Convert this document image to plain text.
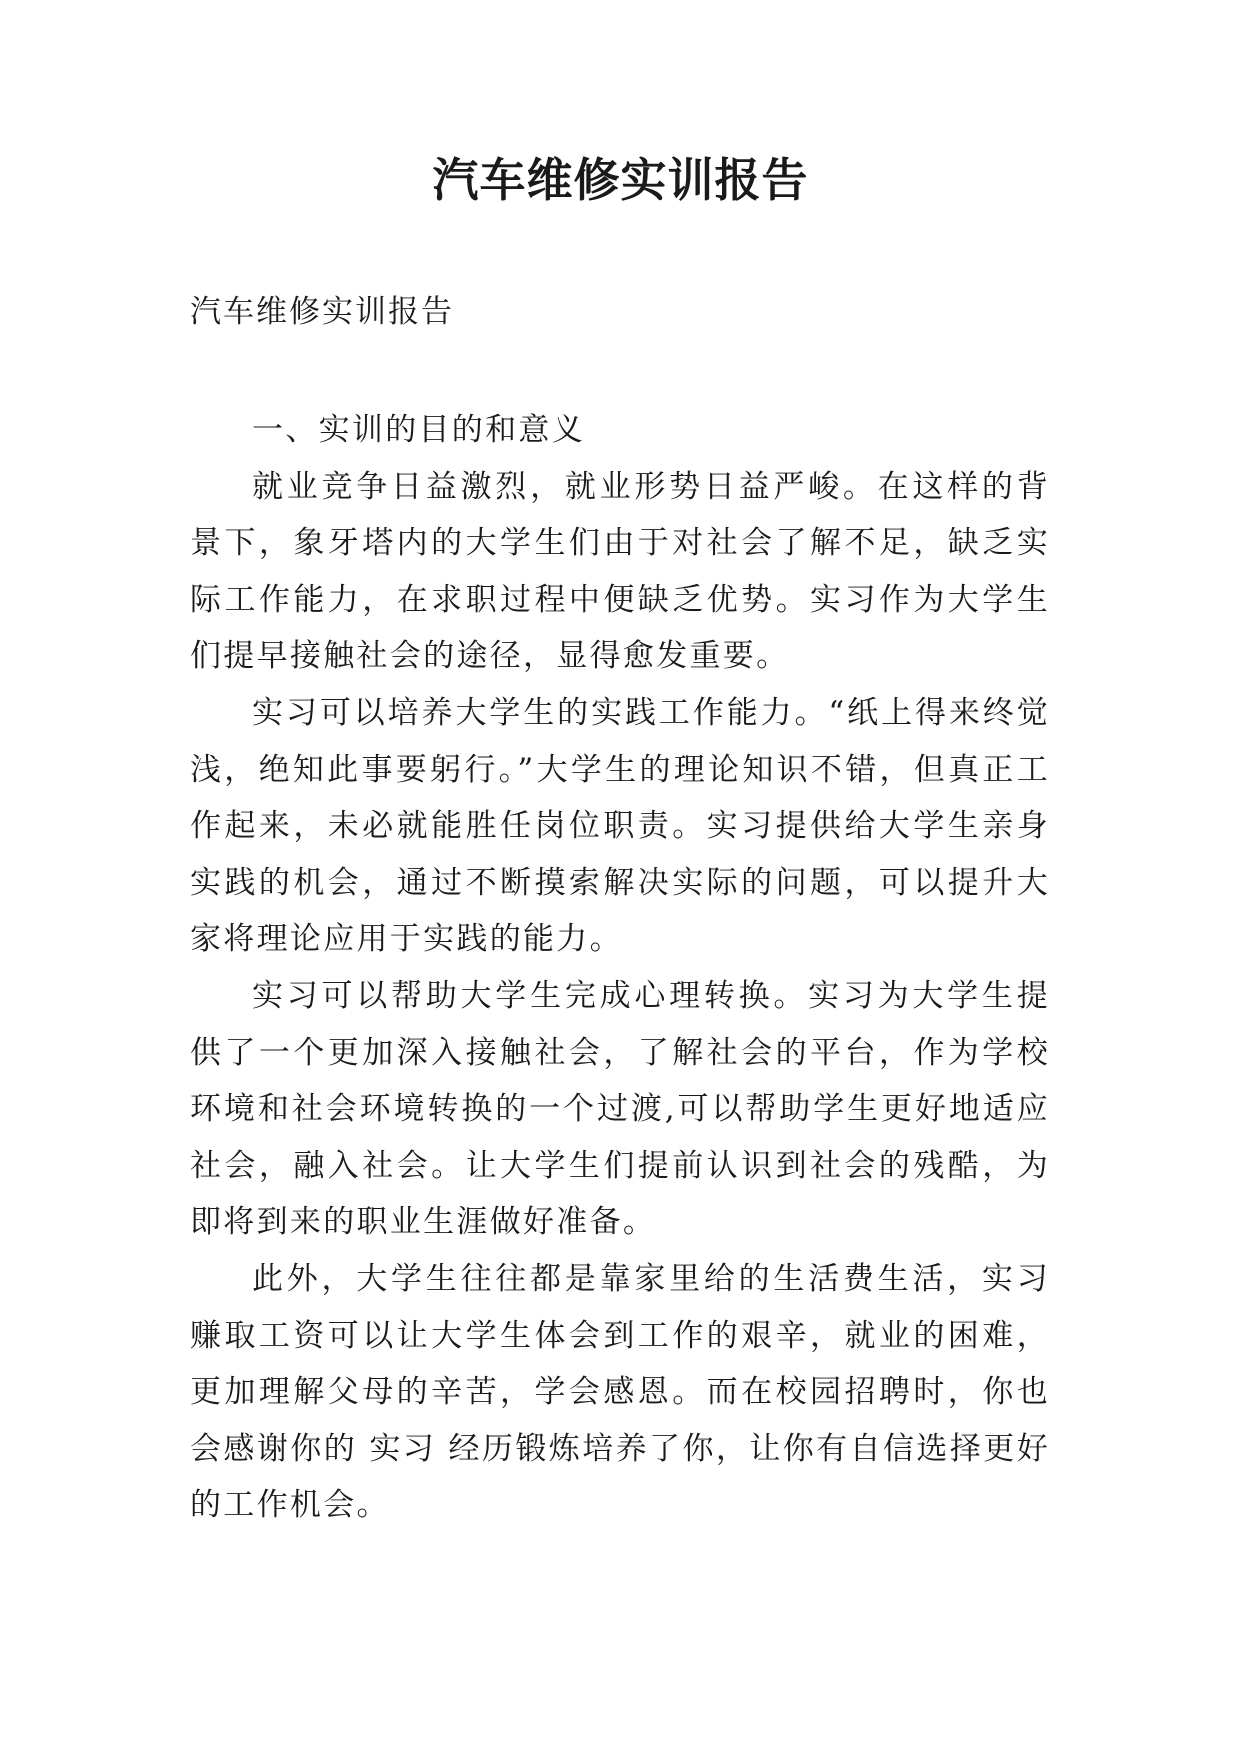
汽车维修实训报告

汽车维修实训报告

一、实训的目的和意义

就业竞争日益激烈，就业形势日益严峻。在这样的背景下，象牙塔内的大学生们由于对社会了解不足，缺乏实际工作能力，在求职过程中便缺乏优势。实习作为大学生们提早接触社会的途径，显得愈发重要。

实习可以培养大学生的实践工作能力。“纸上得来终觉浅，绝知此事要躬行。”大学生的理论知识不错，但真正工作起来，未必就能胜任岗位职责。实习提供给大学生亲身实践的机会，通过不断摸索解决实际的问题，可以提升大家将理论应用于实践的能力。

实习可以帮助大学生完成心理转换。实习为大学生提供了一个更加深入接触社会，了解社会的平台，作为学校环境和社会环境转换的一个过渡,可以帮助学生更好地适应社会，融入社会。让大学生们提前认识到社会的残酷，为即将到来的职业生涯做好准备。

此外，大学生往往都是靠家里给的生活费生活，实习赚取工资可以让大学生体会到工作的艰辛，就业的困难，更加理解父母的辛苦，学会感恩。而在校园招聘时，你也会感谢你的 实习 经历锻炼培养了你，让你有自信选择更好的工作机会。
